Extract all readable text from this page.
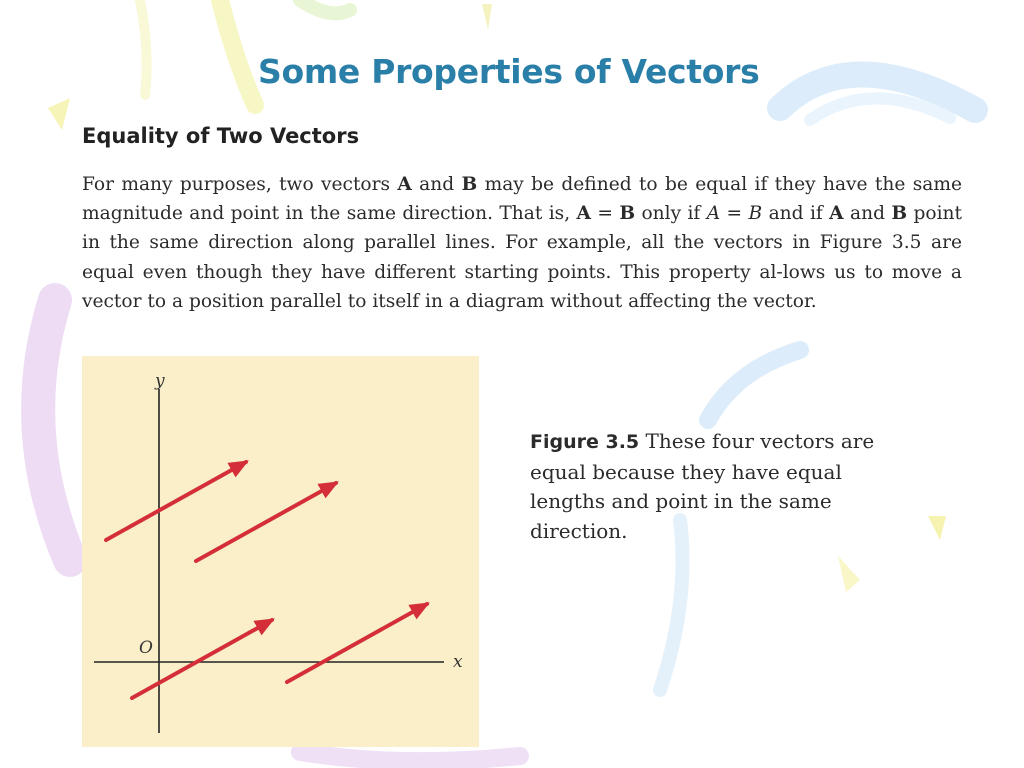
Some Properties of Vectors
Equality of Two Vectors

For many purposes, two vectors A and B may be defined to be equal if they have the same magnitude and point in the same direction. That is, A = B only if A = B and if A and B point in the same direction along parallel lines. For example, all the vectors in Figure 3.5 are equal even though they have different starting points. This property al-lows us to move a vector to a position parallel to itself in a diagram without affecting the vector.

y
x
O

Figure 3.5 These four vectors are equal because they have equal lengths and point in the same direction.
